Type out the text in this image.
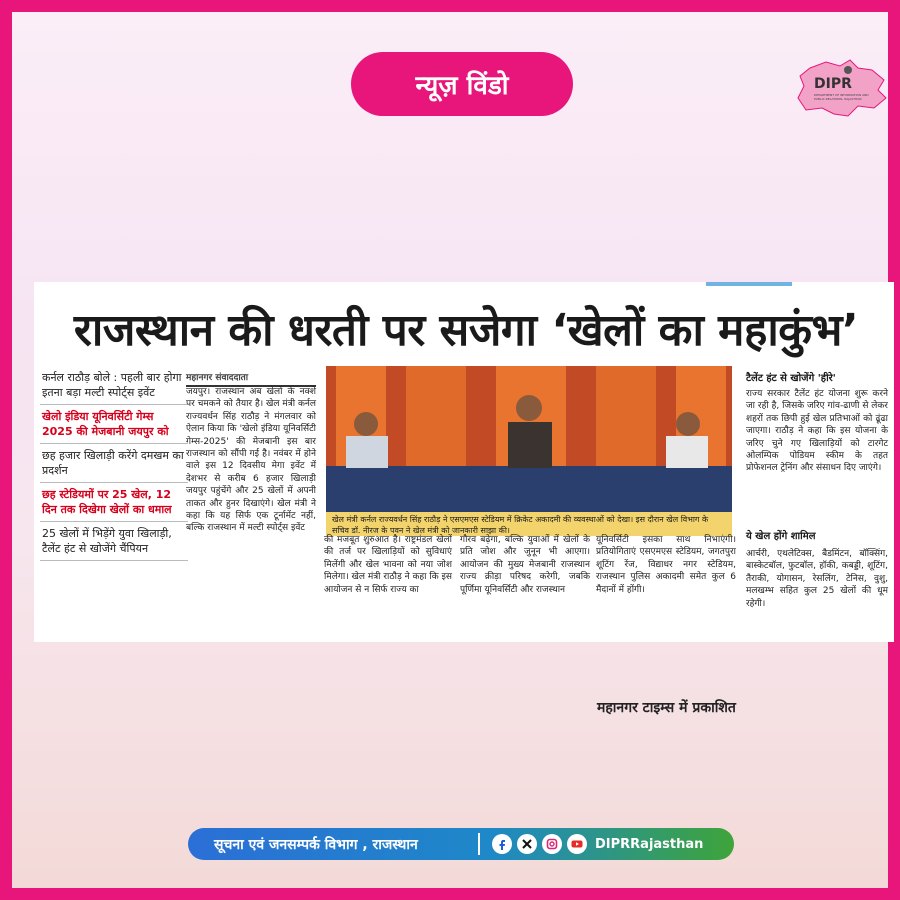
न्यूज़ विंडो	DIPR
DEPARTMENT OF INFORMATION AND PUBLIC RELATIONS, RAJASTHAN
राजस्थान की धरती पर सजेगा ‘खेलों का महाकुंभ’
कर्नल राठौड़ बोले : पहली बार होगा इतना बड़ा मल्टी स्पोर्ट्स इवेंट
खेलो इंडिया यूनिवर्सिटी गेम्स 2025 की मेजबानी जयपुर को
छह हजार खिलाड़ी करेंगे दमखम का प्रदर्शन
छह स्टेडियमों पर 25 खेल, 12 दिन तक दिखेगा खेलों का धमाल
25 खेलों में भिड़ेंगे युवा खिलाड़ी, टैलेंट हंट से खोजेंगे चैंपियन
महानगर संवाददाता
जयपुर। राजस्थान अब खेलों के नक्शे पर चमकने को तैयार है। खेल मंत्री कर्नल राज्यवर्धन सिंह राठौड़ ने मंगलवार को ऐलान किया कि 'खेलो इंडिया यूनिवर्सिटी गेम्स-2025' की मेजबानी इस बार राजस्थान को सौंपी गई है। नवंबर में होने वाले इस 12 दिवसीय मेगा इवेंट में देशभर से करीब 6 हजार खिलाड़ी जयपुर पहुंचेंगे और 25 खेलों में अपनी ताकत और हुनर दिखाएंगे। खेल मंत्री ने कहा कि यह सिर्फ एक टूर्नामेंट नहीं, बल्कि राजस्थान में मल्टी स्पोर्ट्स इवेंट
खेल मंत्री कर्नल राज्यवर्धन सिंह राठौड़ ने एसएमएस स्टेडियम में क्रिकेट अकादमी की व्यवस्थाओं को देखा। इस दौरान खेल विभाग के सचिव डॉ. नीरज के पवन ने खेल मंत्री को जानकारी साझा की।
की मजबूत शुरुआत है। राष्ट्रमंडल खेलों की तर्ज पर खिलाड़ियों को सुविधाएं मिलेंगी और खेल भावना को नया जोश मिलेगा। खेल मंत्री राठौड़ ने कहा कि इस आयोजन से न सिर्फ राज्य का
गौरव बढ़ेगा, बल्कि युवाओं में खेलों के प्रति जोश और जुनून भी आएगा। आयोजन की मुख्य मेजबानी राजस्थान राज्य क्रीड़ा परिषद करेगी, जबकि पूर्णिमा यूनिवर्सिटी और राजस्थान
यूनिवर्सिटी इसका साथ निभाएंगी। प्रतियोगिताएं एसएमएस स्टेडियम, जगतपुरा शूटिंग रेंज, विद्याधर नगर स्टेडियम, राजस्थान पुलिस अकादमी समेत कुल 6 मैदानों में होंगी।
टैलेंट हंट से खोजेंगे 'हीरे'
राज्य सरकार टैलेंट हंट योजना शुरू करने जा रही है, जिसके जरिए गांव-ढाणी से लेकर शहरों तक छिपी हुई खेल प्रतिभाओं को ढूंढा जाएगा। राठौड़ ने कहा कि इस योजना के जरिए चुने गए खिलाड़ियों को टारगेट ओलम्पिक पोडियम स्कीम के तहत प्रोफेशनल ट्रेनिंग और संसाधन दिए जाएंगे।
ये खेल होंगे शामिल
आर्चरी, एथलेटिक्स, बैडमिंटन, बॉक्सिंग, बास्केटबॉल, फुटबॉल, हॉकी, कबड्डी, शूटिंग, तैराकी, योगासन, रेसलिंग, टेनिस, वुशु, मलखम्भ सहित कुल 25 खेलों की धूम रहेगी।
महानगर टाइम्स में प्रकाशित
सूचना एवं जनसम्पर्क विभाग , राजस्थान	DIPRRajasthan
